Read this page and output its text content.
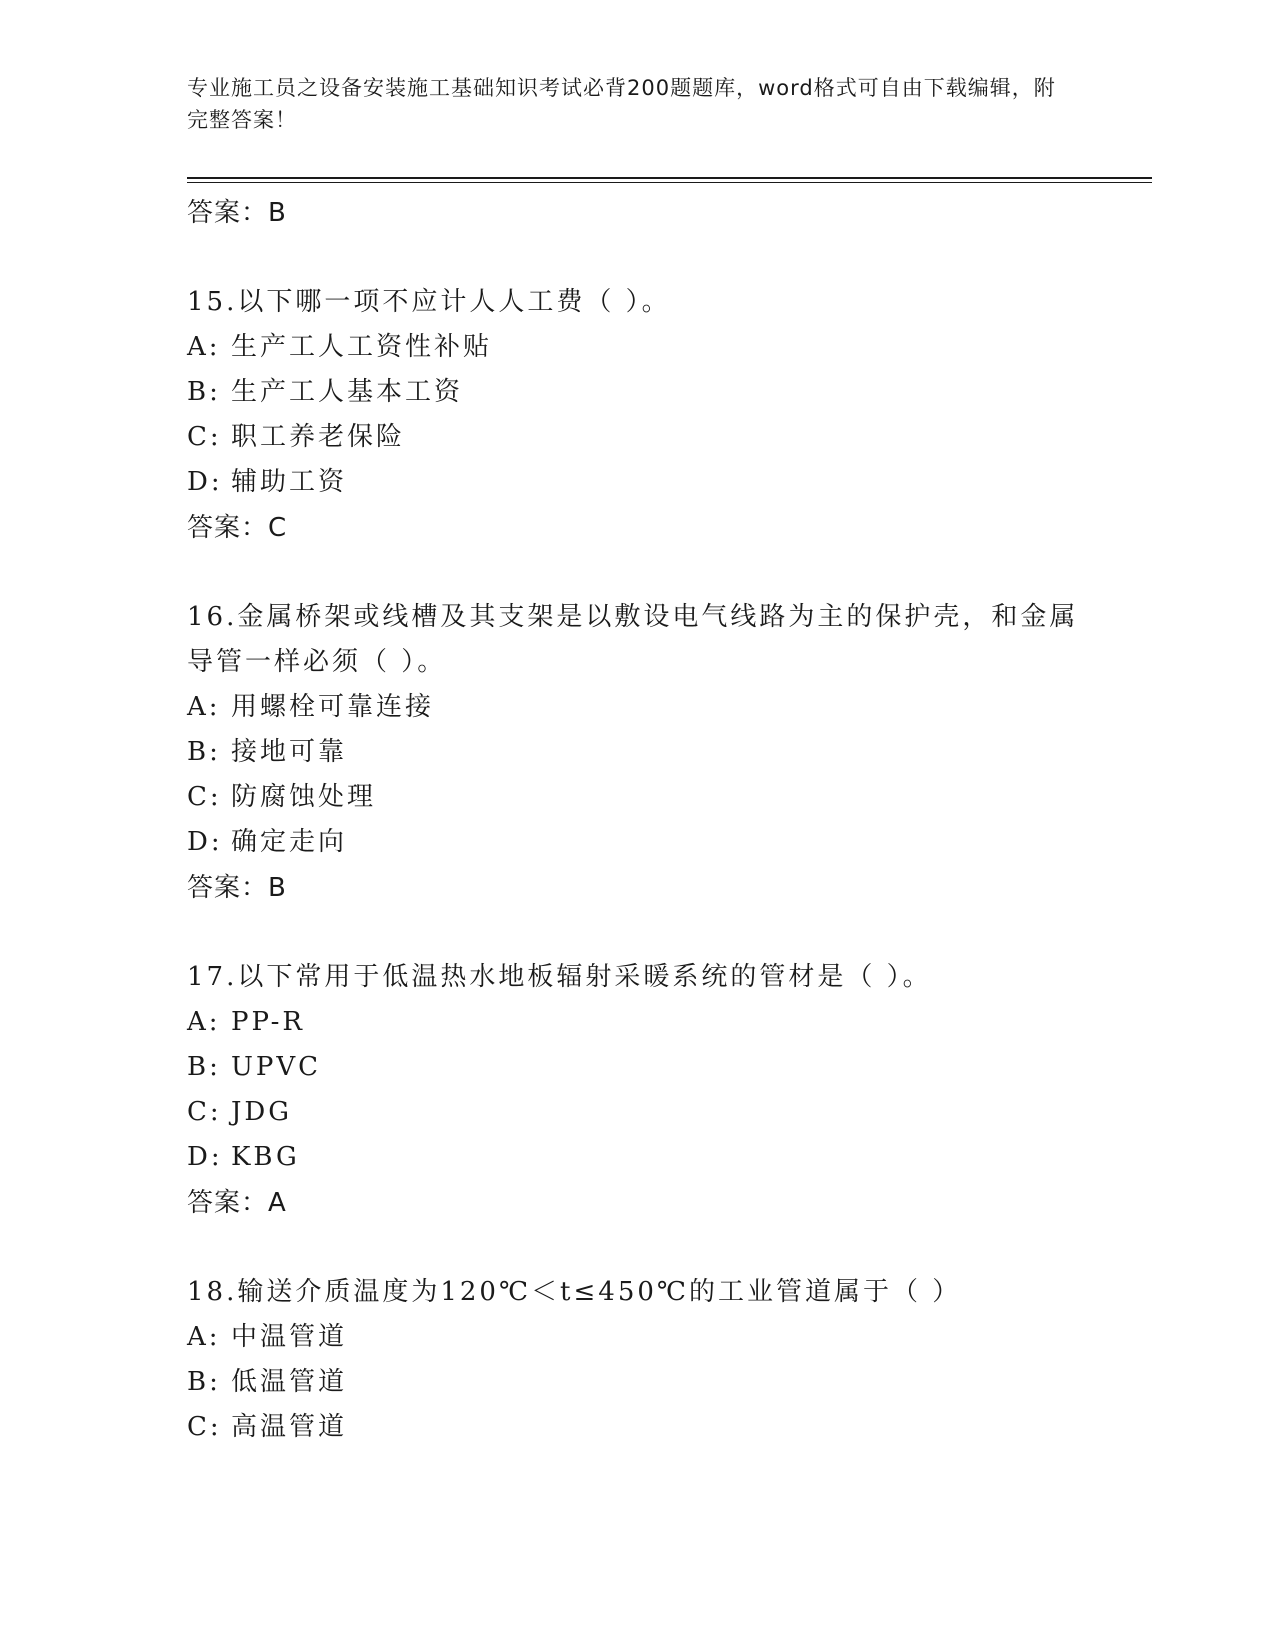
专业施工员之设备安装施工基础知识考试必背200题题库，word格式可自由下载编辑，附完整答案！
答案：B
15.以下哪一项不应计人人工费（ ）。
A: 生产工人工资性补贴
B: 生产工人基本工资
C: 职工养老保险
D: 辅助工资
答案：C
16.金属桥架或线槽及其支架是以敷设电气线路为主的保护壳，和金属导管一样必须（ ）。
A: 用螺栓可靠连接
B: 接地可靠
C: 防腐蚀处理
D: 确定走向
答案：B
17.以下常用于低温热水地板辐射采暖系统的管材是（ ）。
A: PP-R
B: UPVC
C: JDG
D: KBG
答案：A
18.输送介质温度为120℃＜t≤450℃的工业管道属于（ ）
A: 中温管道
B: 低温管道
C: 高温管道
